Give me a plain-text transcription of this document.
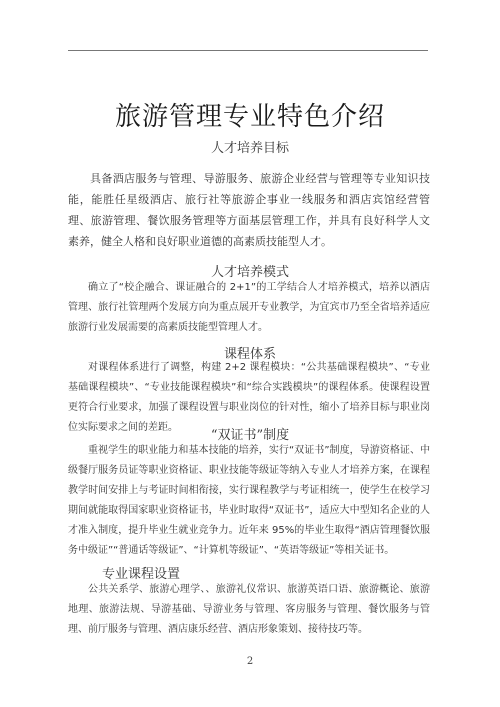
旅游管理专业特色介绍
人才培养目标
具备酒店服务与管理、导游服务、旅游企业经营与管理等专业知识技能，能胜任星级酒店、旅行社等旅游企事业一线服务和酒店宾馆经营管理、旅游管理、餐饮服务管理等方面基层管理工作，并具有良好科学人文素养，健全人格和良好职业道德的高素质技能型人才。
人才培养模式
确立了“校企融合、课证融合的 2+1”的工学结合人才培养模式，培养以酒店管理、旅行社管理两个发展方向为重点展开专业教学，为宜宾市乃至全省培养适应旅游行业发展需要的高素质技能型管理人才。
课程体系
对课程体系进行了调整，构建 2+2 课程模块：“公共基础课程模块”、“专业基础课程模块”、“专业技能课程模块”和“综合实践模块”的课程体系。使课程设置更符合行业要求，加强了课程设置与职业岗位的针对性，缩小了培养目标与职业岗位实际要求之间的差距。
“双证书”制度
重视学生的职业能力和基本技能的培养，实行“双证书”制度，导游资格证、中级餐厅服务员证等职业资格证、职业技能等级证等纳入专业人才培养方案，在课程教学时间安排上与考证时间相衔接，实行课程教学与考证相统一，使学生在校学习期间就能取得国家职业资格证书，毕业时取得“双证书”，适应大中型知名企业的人才准入制度，提升毕业生就业竞争力。近年来 95%的毕业生取得“酒店管理餐饮服务中级证”“普通话等级证”、“计算机等级证”、“英语等级证”等相关证书。
专业课程设置
公共关系学、旅游心理学、、旅游礼仪常识、旅游英语口语、旅游概论、旅游地理、旅游法规、导游基础、导游业务与管理、客房服务与管理、餐饮服务与管理、前厅服务与管理、酒店康乐经营、酒店形象策划、接待技巧等。
2
